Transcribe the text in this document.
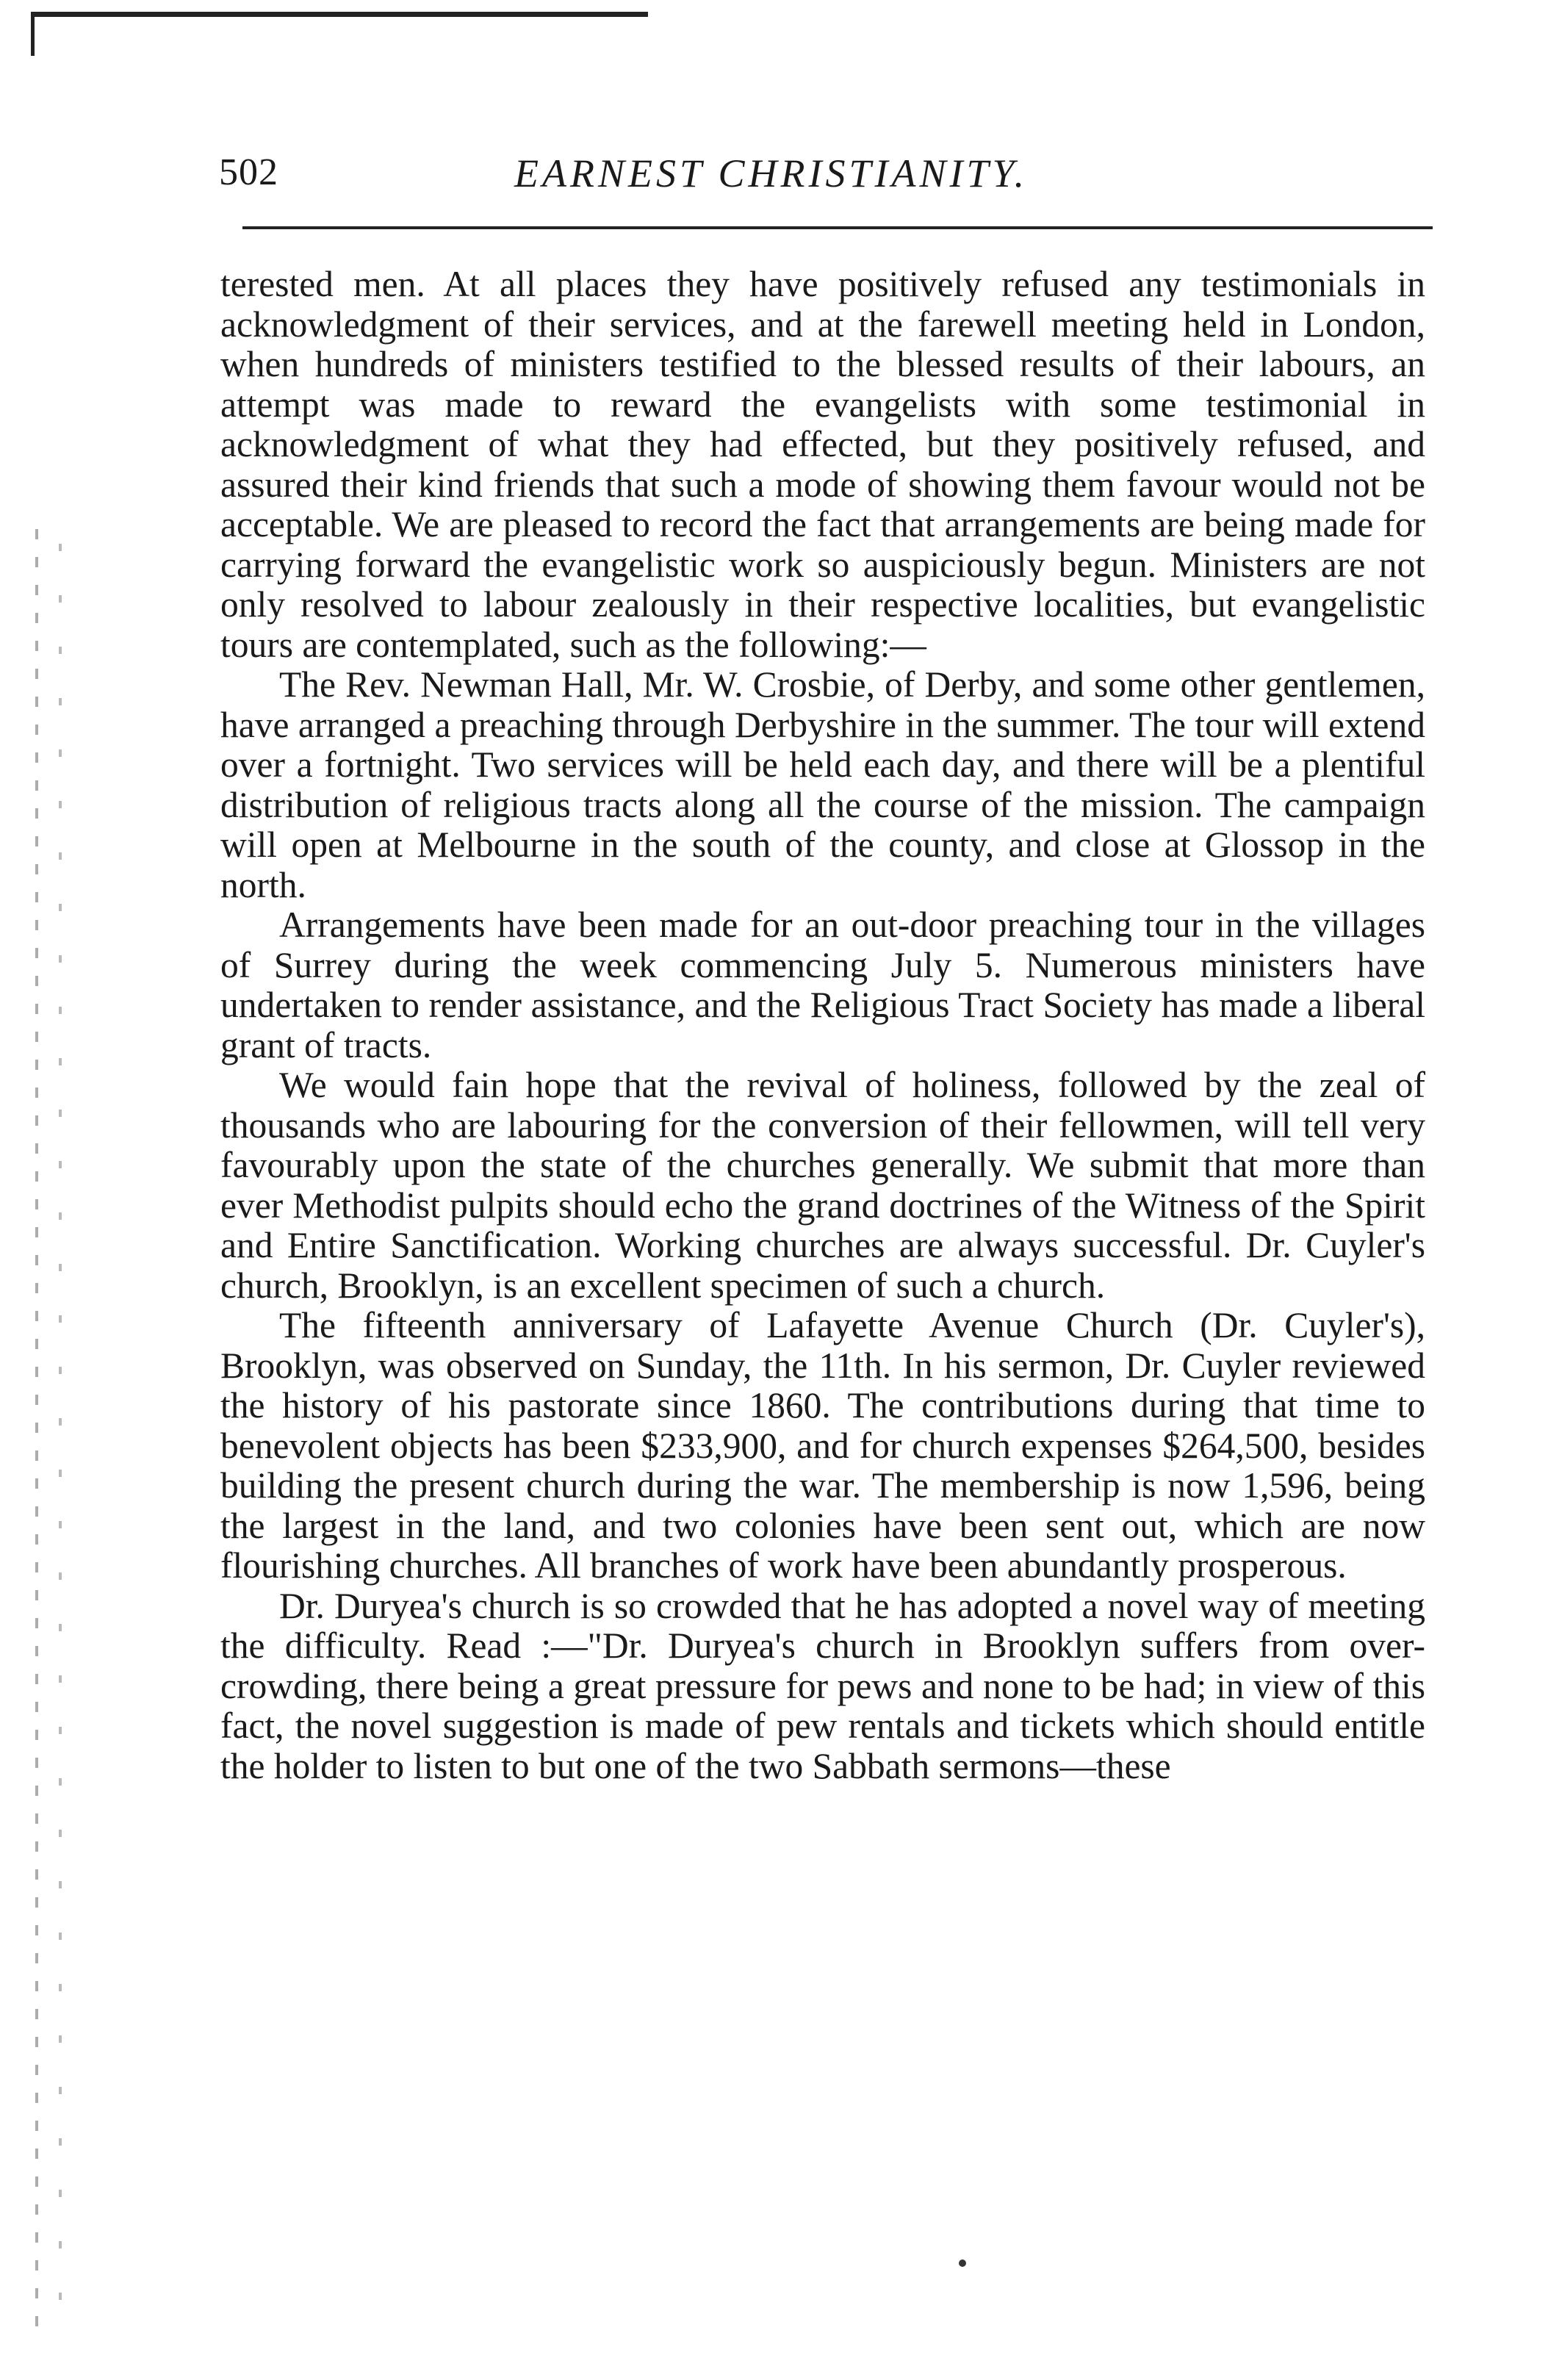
502	EARNEST CHRISTIANITY.

terested men. At all places they have positively refused any testimonials in acknowledgment of their services, and at the farewell meeting held in London, when hundreds of ministers testified to the blessed results of their labours, an attempt was made to reward the evangelists with some testimonial in acknowledgment of what they had effected, but they positively refused, and assured their kind friends that such a mode of showing them favour would not be acceptable. We are pleased to record the fact that arrangements are being made for carrying forward the evangelistic work so auspiciously begun. Ministers are not only resolved to labour zealously in their respective localities, but evangelistic tours are contemplated, such as the following:—

The Rev. Newman Hall, Mr. W. Crosbie, of Derby, and some other gentlemen, have arranged a preaching through Derbyshire in the summer. The tour will extend over a fortnight. Two services will be held each day, and there will be a plentiful distribution of religious tracts along all the course of the mission. The campaign will open at Melbourne in the south of the county, and close at Glossop in the north.

Arrangements have been made for an out-door preaching tour in the villages of Surrey during the week commencing July 5. Numerous ministers have undertaken to render assistance, and the Religious Tract Society has made a liberal grant of tracts.

We would fain hope that the revival of holiness, followed by the zeal of thousands who are labouring for the conversion of their fellowmen, will tell very favourably upon the state of the churches generally. We submit that more than ever Methodist pulpits should echo the grand doctrines of the Witness of the Spirit and Entire Sanctification. Working churches are always successful. Dr. Cuyler's church, Brooklyn, is an excellent specimen of such a church.

The fifteenth anniversary of Lafayette Avenue Church (Dr. Cuyler's), Brooklyn, was observed on Sunday, the 11th. In his sermon, Dr. Cuyler reviewed the history of his pastorate since 1860. The contributions during that time to benevolent objects has been $233,900, and for church expenses $264,500, besides building the present church during the war. The membership is now 1,596, being the largest in the land, and two colonies have been sent out, which are now flourishing churches. All branches of work have been abundantly prosperous.

Dr. Duryea's church is so crowded that he has adopted a novel way of meeting the difficulty. Read :—"Dr. Duryea's church in Brooklyn suffers from over-crowding, there being a great pressure for pews and none to be had; in view of this fact, the novel suggestion is made of pew rentals and tickets which should entitle the holder to listen to but one of the two Sabbath sermons—these
